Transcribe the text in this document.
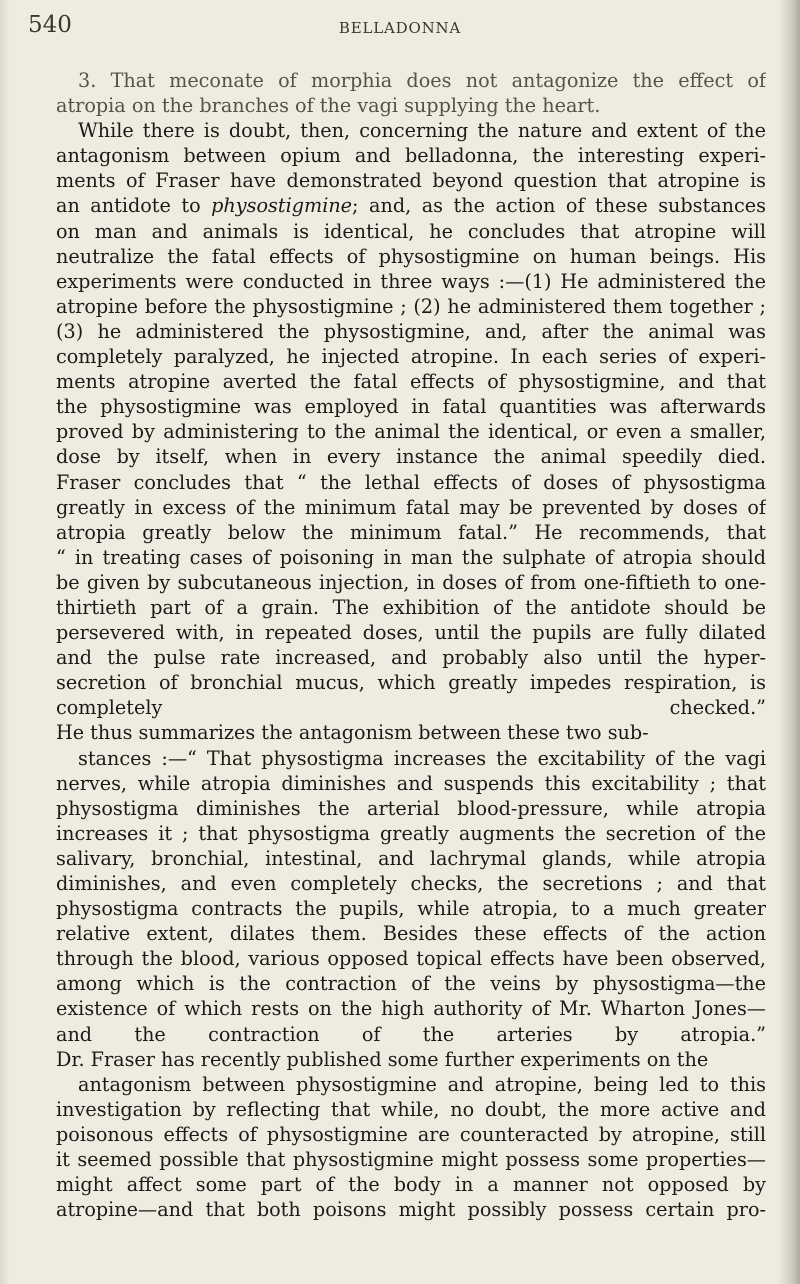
540	BELLADONNA
3. That meconate of morphia does not antagonize the effect of
atropia on the branches of the vagi supplying the heart.
While there is doubt, then, concerning the nature and extent of the
antagonism between opium and belladonna, the interesting experi-
ments of Fraser have demonstrated beyond question that atropine is
an antidote to physostigmine; and, as the action of these substances
on man and animals is identical, he concludes that atropine will
neutralize the fatal effects of physostigmine on human beings. His
experiments were conducted in three ways :—(1) He administered the
atropine before the physostigmine ; (2) he administered them together ;
(3) he administered the physostigmine, and, after the animal was
completely paralyzed, he injected atropine. In each series of experi-
ments atropine averted the fatal effects of physostigmine, and that
the physostigmine was employed in fatal quantities was afterwards
proved by administering to the animal the identical, or even a smaller,
dose by itself, when in every instance the animal speedily died.
Fraser concludes that “ the lethal effects of doses of physostigma
greatly in excess of the minimum fatal may be prevented by doses of
atropia greatly below the minimum fatal.” He recommends, that
“ in treating cases of poisoning in man the sulphate of atropia should
be given by subcutaneous injection, in doses of from one-fiftieth to one-
thirtieth part of a grain. The exhibition of the antidote should be
persevered with, in repeated doses, until the pupils are fully dilated
and the pulse rate increased, and probably also until the hyper-
secretion of bronchial mucus, which greatly impedes respiration, is
completely checked.”
He thus summarizes the antagonism between these two sub-
stances :—“ That physostigma increases the excitability of the vagi
nerves, while atropia diminishes and suspends this excitability ; that
physostigma diminishes the arterial blood-pressure, while atropia
increases it ; that physostigma greatly augments the secretion of the
salivary, bronchial, intestinal, and lachrymal glands, while atropia
diminishes, and even completely checks, the secretions ; and that
physostigma contracts the pupils, while atropia, to a much greater
relative extent, dilates them. Besides these effects of the action
through the blood, various opposed topical effects have been observed,
among which is the contraction of the veins by physostigma—the
existence of which rests on the high authority of Mr. Wharton Jones—
and the contraction of the arteries by atropia.”
Dr. Fraser has recently published some further experiments on the
antagonism between physostigmine and atropine, being led to this
investigation by reflecting that while, no doubt, the more active and
poisonous effects of physostigmine are counteracted by atropine, still
it seemed possible that physostigmine might possess some properties—
might affect some part of the body in a manner not opposed by
atropine—and that both poisons might possibly possess certain pro-
